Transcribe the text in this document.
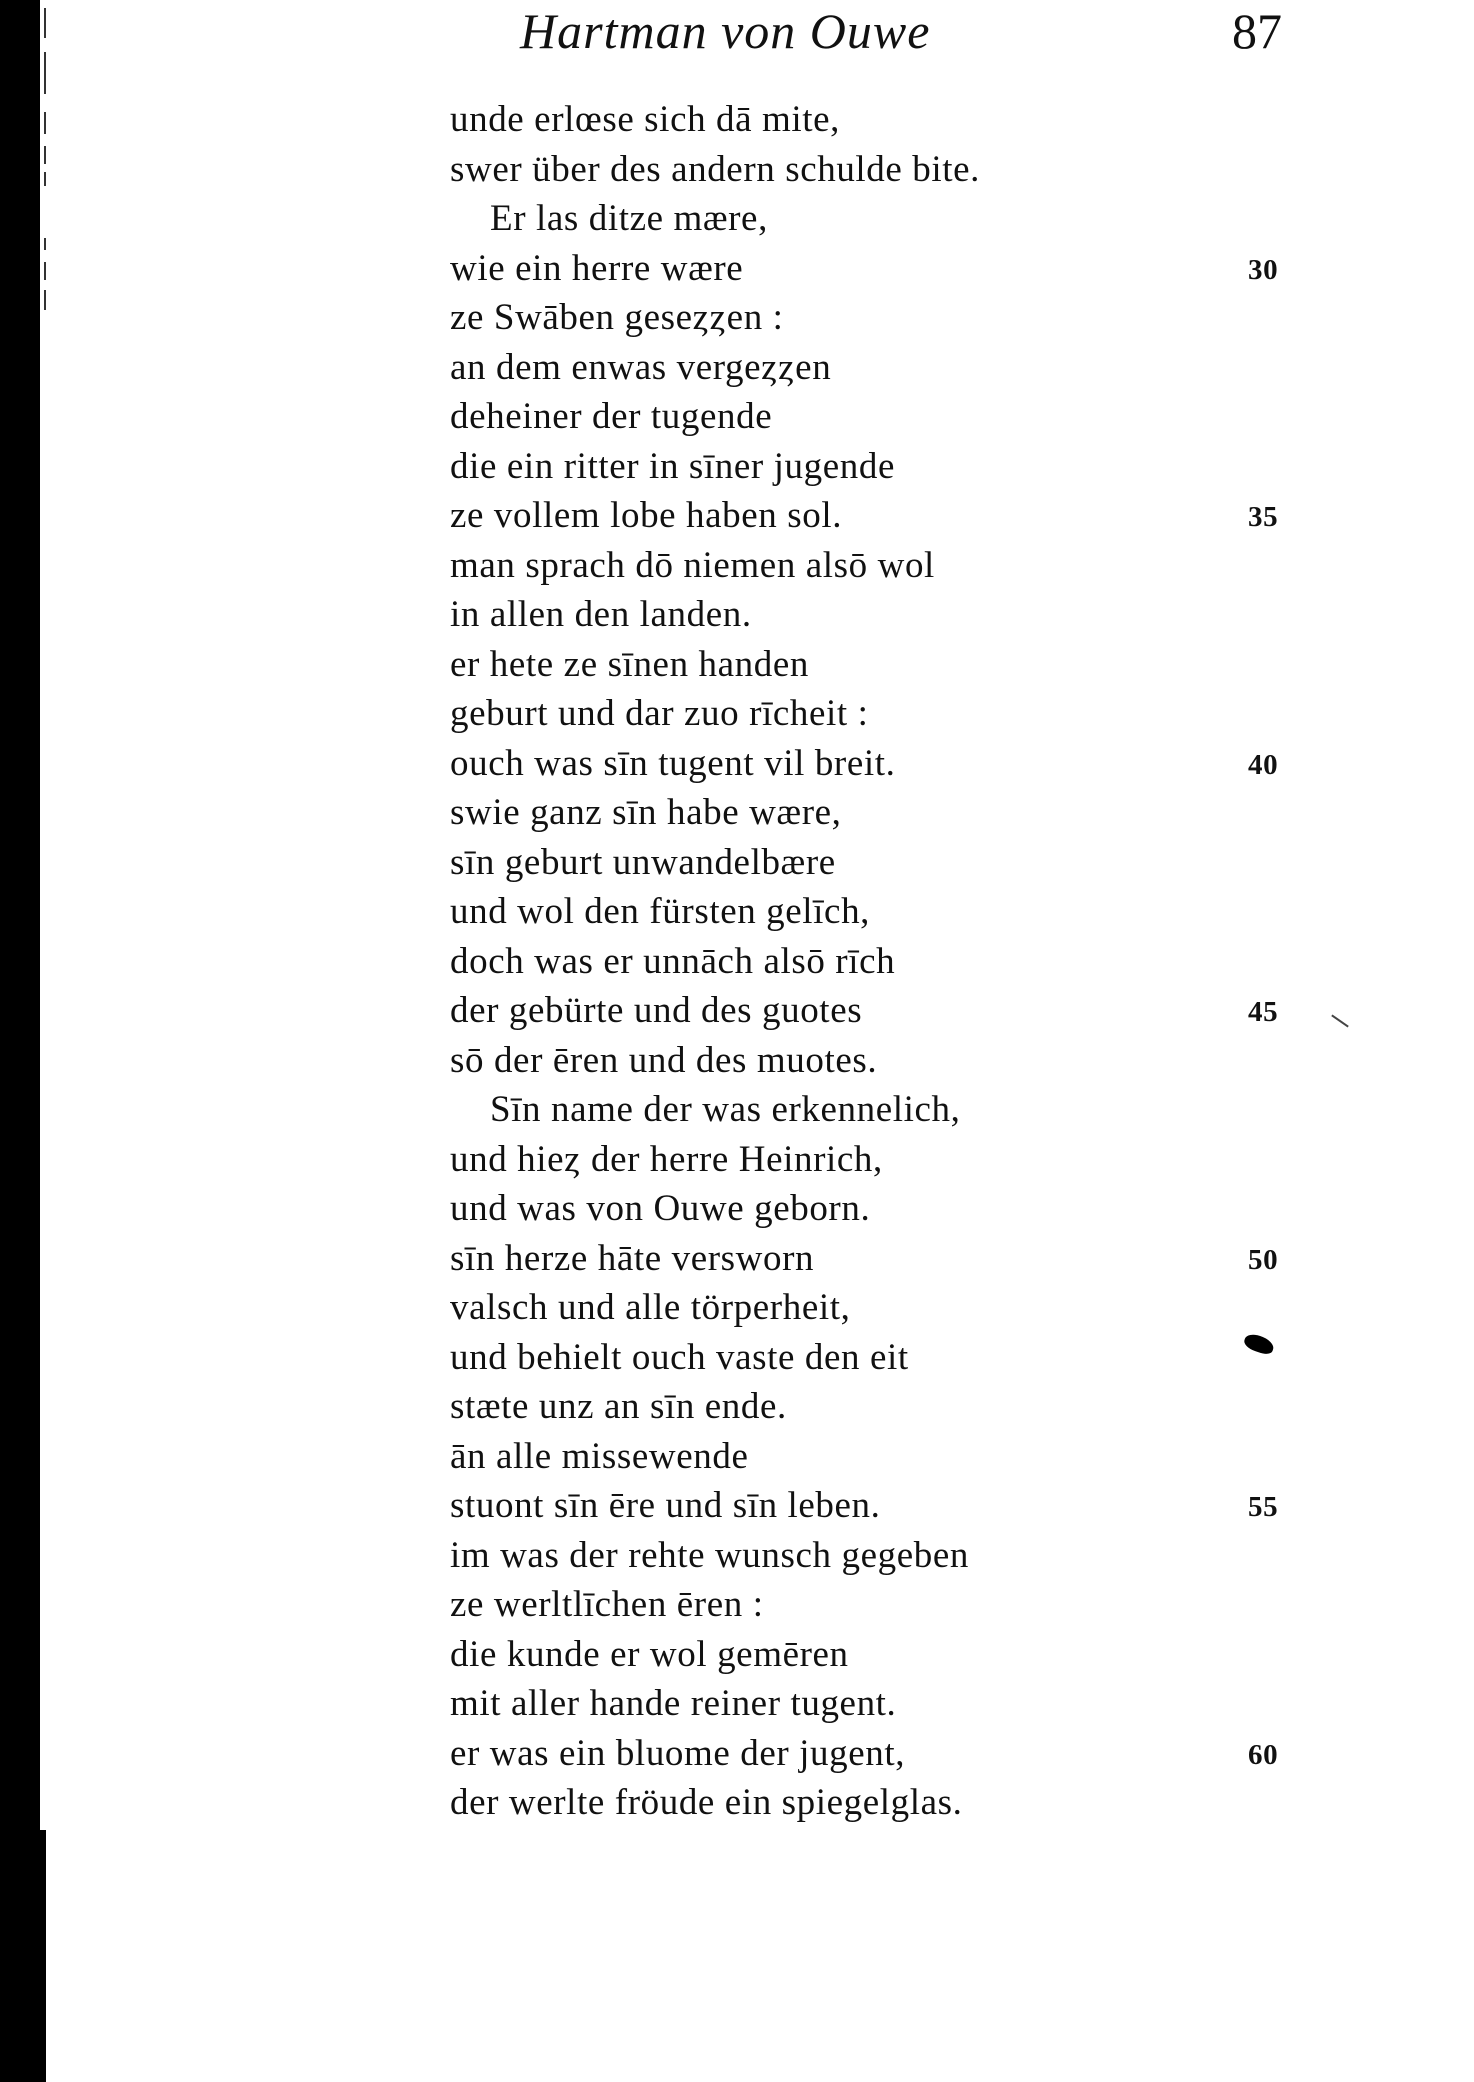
Hartman von Ouwe	87
unde erlœse sich dā mite,
swer über des andern schulde bite.
Er las ditze mære,
wie ein herre wære	30
ze Swāben geseȥȥen :
an dem enwas vergeȥȥen
deheiner der tugende
die ein ritter in sīner jugende
ze vollem lobe haben sol.	35
man sprach dō niemen alsō wol
in allen den landen.
er hete ze sīnen handen
geburt und dar zuo rīcheit :
ouch was sīn tugent vil breit.	40
swie ganz sīn habe wære,
sīn geburt unwandelbære
und wol den fürsten gelīch,
doch was er unnāch alsō rīch
der gebürte und des guotes	45
sō der ēren und des muotes.
Sīn name der was erkennelich,
und hieȥ der herre Heinrich,
und was von Ouwe geborn.
sīn herze hāte versworn	50
valsch und alle törperheit,
und behielt ouch vaste den eit
stæte unz an sīn ende.
ān alle missewende
stuont sīn ēre und sīn leben.	55
im was der rehte wunsch gegeben
ze werltlīchen ēren :
die kunde er wol gemēren
mit aller hande reiner tugent.
er was ein bluome der jugent,	60
der werlte fröude ein spiegelglas.
